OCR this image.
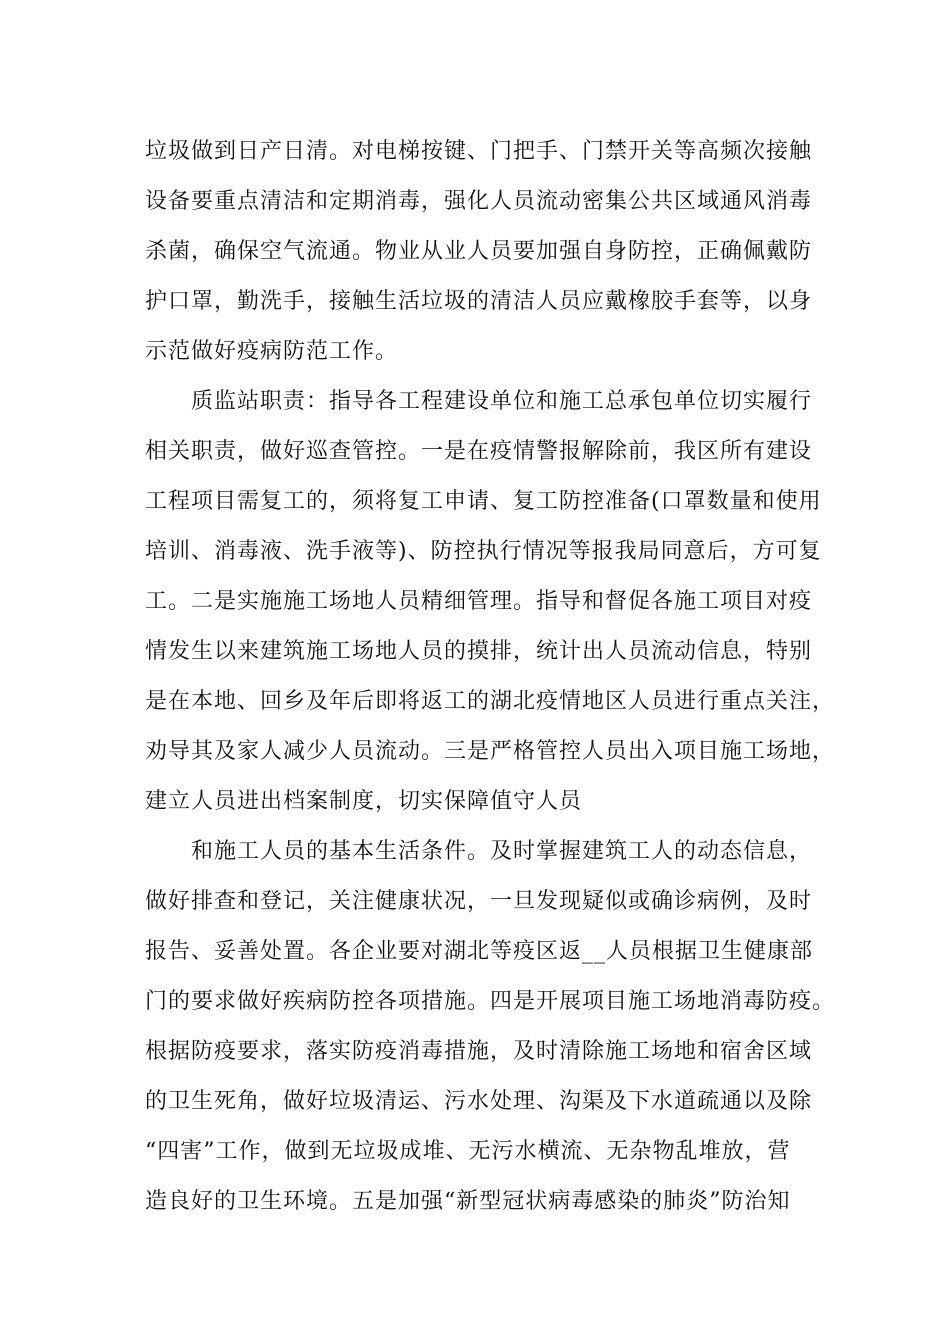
垃圾做到日产日清。对电梯按键、门把手、门禁开关等高频次接触
设备要重点清洁和定期消毒，强化人员流动密集公共区域通风消毒
杀菌，确保空气流通。物业从业人员要加强自身防控，正确佩戴防
护口罩，勤洗手，接触生活垃圾的清洁人员应戴橡胶手套等，以身
示范做好疫病防范工作。
质监站职责：指导各工程建设单位和施工总承包单位切实履行
相关职责，做好巡查管控。一是在疫情警报解除前，我区所有建设
工程项目需复工的，须将复工申请、复工防控准备(口罩数量和使用
培训、消毒液、洗手液等)、防控执行情况等报我局同意后，方可复
工。二是实施施工场地人员精细管理。指导和督促各施工项目对疫
情发生以来建筑施工场地人员的摸排，统计出人员流动信息，特别
是在本地、回乡及年后即将返工的湖北疫情地区人员进行重点关注，
劝导其及家人减少人员流动。三是严格管控人员出入项目施工场地，
建立人员进出档案制度，切实保障值守人员
和施工人员的基本生活条件。及时掌握建筑工人的动态信息，
做好排查和登记，关注健康状况，一旦发现疑似或确诊病例，及时
报告、妥善处置。各企业要对湖北等疫区返__人员根据卫生健康部
门的要求做好疾病防控各项措施。四是开展项目施工场地消毒防疫。
根据防疫要求，落实防疫消毒措施，及时清除施工场地和宿舍区域
的卫生死角，做好垃圾清运、污水处理、沟渠及下水道疏通以及除
“四害”工作，做到无垃圾成堆、无污水横流、无杂物乱堆放，营
造良好的卫生环境。五是加强“新型冠状病毒感染的肺炎”防治知
